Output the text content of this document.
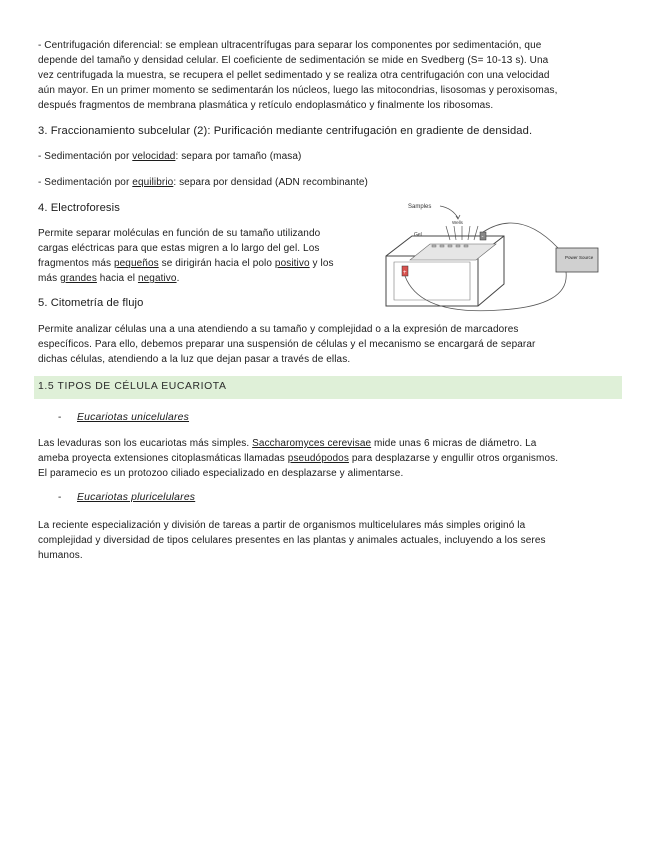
- Centrifugación diferencial: se emplean ultracentrífugas para separar los componentes por sedimentación, que
depende del tamaño y densidad celular. El coeficiente de sedimentación se mide en Svedberg (S= 10-13 s). Una
vez centrifugada la muestra, se recupera el pellet sedimentado y se realiza otra centrifugación con una velocidad
aún mayor. En un primer momento se sedimentarán los núcleos, luego las mitocondrias, lisosomas y peroxisomas,
después fragmentos de membrana plasmática y retículo endoplasmático y finalmente los ribosomas.
3. Fraccionamiento subcelular (2): Purificación mediante centrifugación en gradiente de densidad.
- Sedimentación por velocidad: separa por tamaño (masa)
- Sedimentación por equilibrio: separa por densidad (ADN recombinante)
4. Electroforesis
Permite separar moléculas en función de su tamaño utilizando
cargas eléctricas para que estas migren a lo largo del gel. Los
fragmentos más pequeños se dirigirán hacia el polo positivo y los
más grandes hacia el negativo.
Samples
Gel
Wells
+
-
Power Source
5. Citometría de flujo
Permite analizar células una a una atendiendo a su tamaño y complejidad o a la expresión de marcadores
específicos. Para ello, debemos preparar una suspensión de células y el mecanismo se encargará de separar
dichas células, atendiendo a la luz que dejan pasar a través de ellas.
1.5 TIPOS DE CÉLULA EUCARIOTA
- Eucariotas unicelulares
Las levaduras son los eucariotas más simples. Saccharomyces cerevisae mide unas 6 micras de diámetro. La
ameba proyecta extensiones citoplasmáticas llamadas pseudópodos para desplazarse y engullir otros organismos.
El paramecio es un protozoo ciliado especializado en desplazarse y alimentarse.
- Eucariotas pluricelulares
La reciente especialización y división de tareas a partir de organismos multicelulares más simples originó la
complejidad y diversidad de tipos celulares presentes en las plantas y animales actuales, incluyendo a los seres
humanos.
